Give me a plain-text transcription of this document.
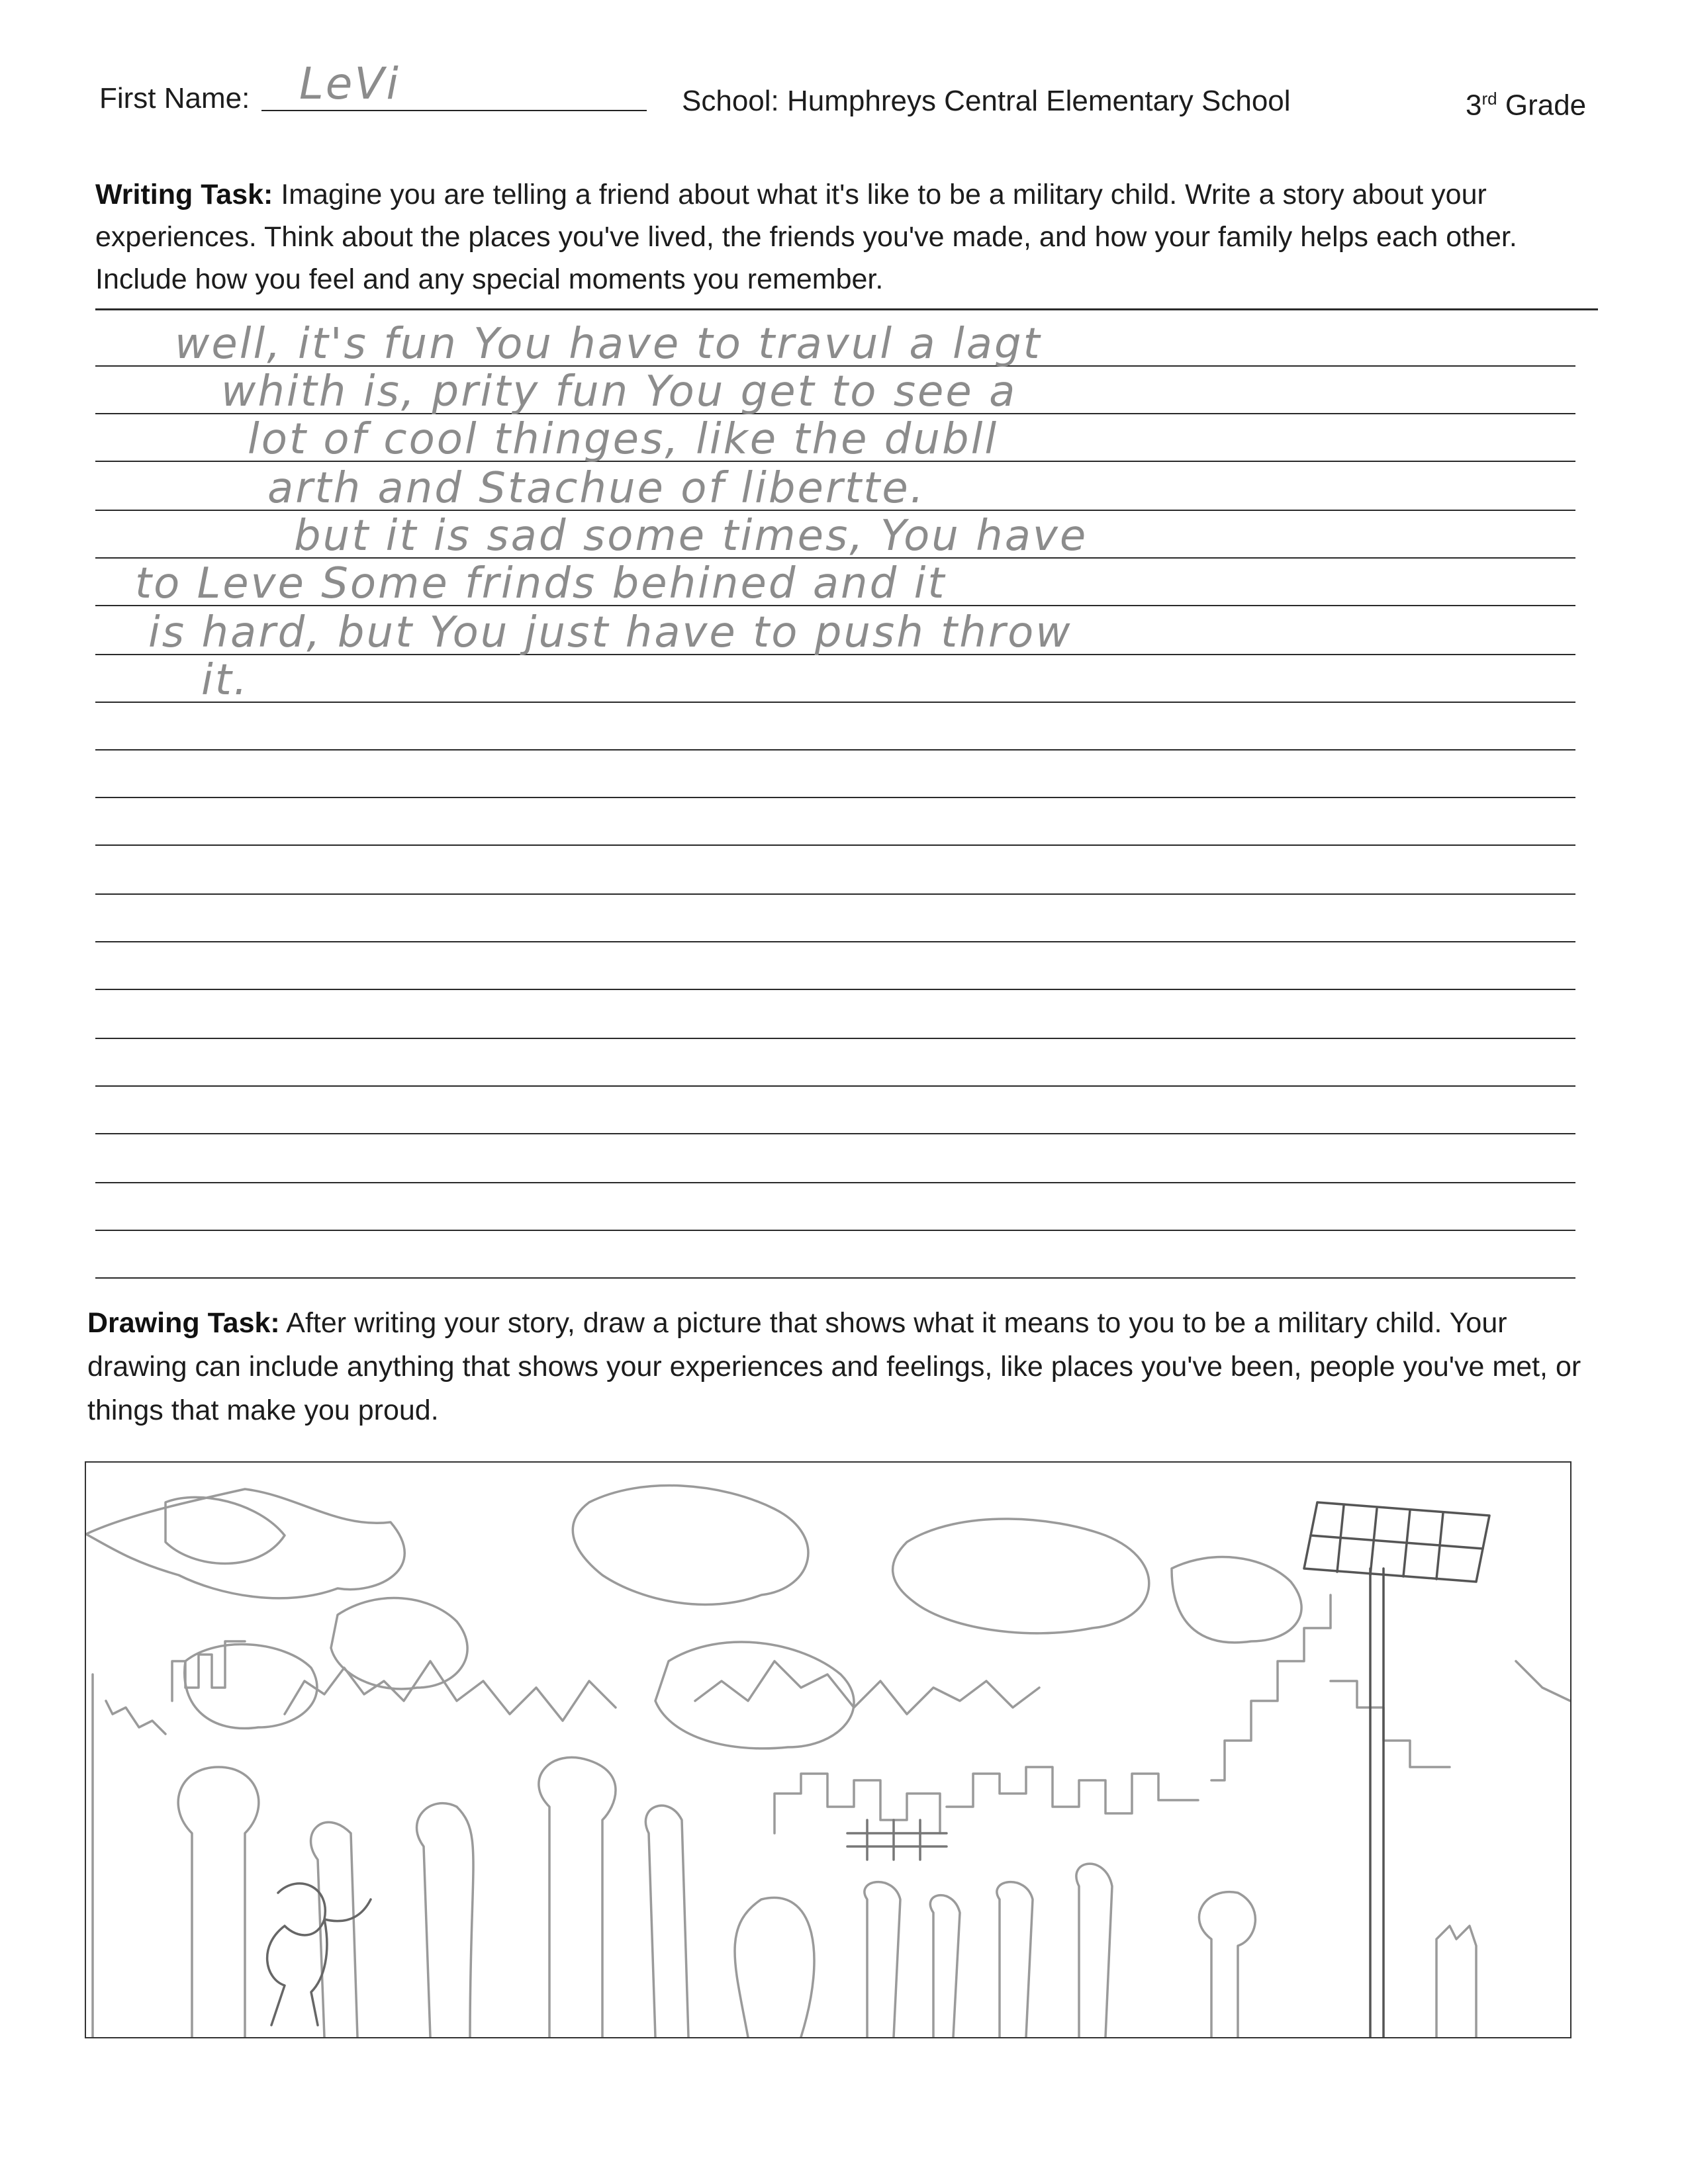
First Name: LeVi	School: Humphreys Central Elementary School	3rd Grade
Writing Task: Imagine you are telling a friend about what it's like to be a military child. Write a story about your experiences. Think about the places you've lived, the friends you've made, and how your family helps each other. Include how you feel and any special moments you remember.
well, it's fun You have to travul a lagt
whith is, prity fun You get to see a
lot of cool thinges, like the dubll
arth and Stachue of libertte.
but it is sad some times, You have
to Leve Some frinds behined and it
is hard, but You just have to push throw
it.
Drawing Task: After writing your story, draw a picture that shows what it means to you to be a military child. Your drawing can include anything that shows your experiences and feelings, like places you've been, people you've met, or things that make you proud.
